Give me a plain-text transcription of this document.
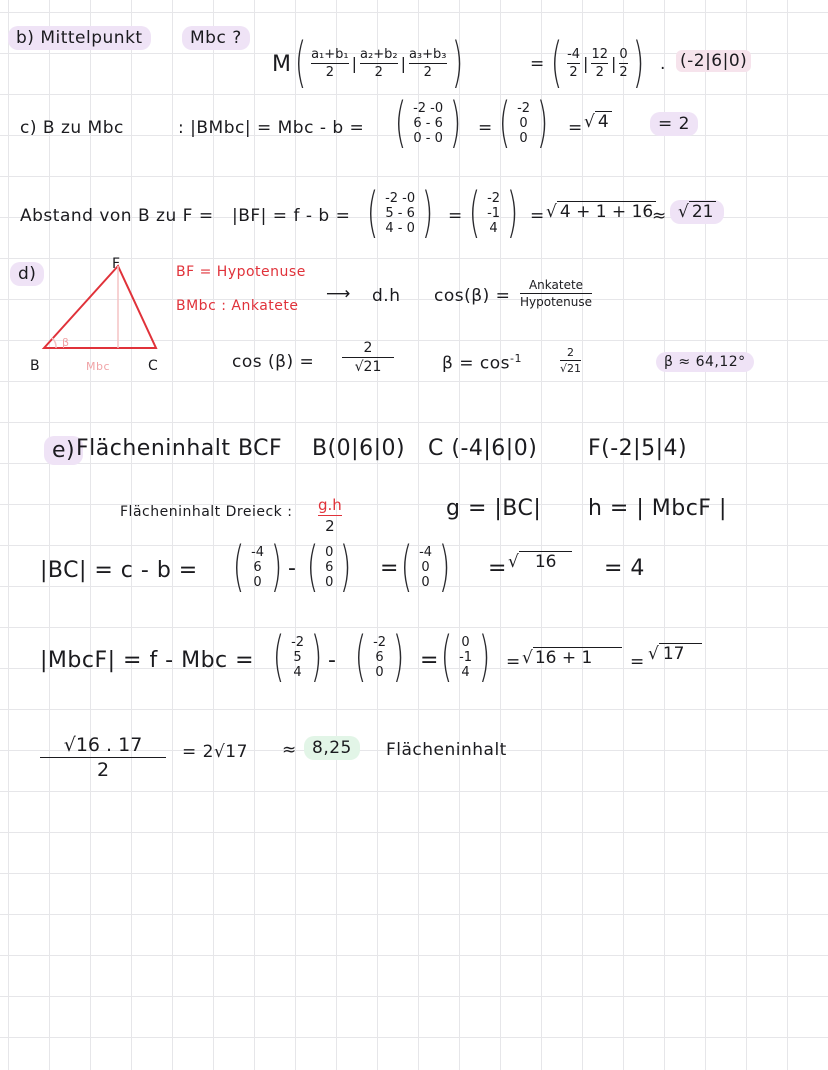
b) Mittelpunkt	Mbc ?
M ( $\frac{\text{a₁+b₁}}{2}$ | $\frac{\text{a₂+b₂}}{2}$ | $\frac{\text{a₃+b₃}}{2}$ )	= ( $\frac{-4}{2}$ | $\frac{12}{2}$ | $\frac{0}{2}$ ) . (-2|6|0)
c) B zu Mbc	: |BMbc| = Mbc - b = ( -2 -0
6 - 6
0 - 0 ) = ( -2
0
0 ) = √ 4	= 2
Abstand von B zu F = |BF| = f - b = ( -2 -0
5 - 6
4 - 0 ) = ( -2
-1
4 ) = √ 4 + 1 + 16
≈ √ 21
d)	F
B	C
Mbc
β
BF = Hypotenuse
BMbc : Ankatete
⟶ d.h cos(β) =
Ankatete
Hypotenuse
cos (β) =
2
√21	$\beta = \cos^{-1}$	2
√21	β ≈ 64,12°
e) Flächeninhalt BCF B(0|6|0) C (-4|6|0) F(-2|5|4)
Flächeninhalt Dreieck : g.h
2
g = |BC| h = | MbcF |
|BC| = c - b = ( -4
6
0 ) - ( 0
6
0 ) = ( -4
0
0 ) = √ 16	= 4
|MbcF| = f - Mbc = ( -2
5
4 ) - ( -2
6
0 ) = ( 0
-1
4 ) = √ 16 + 1	= √ 17
√16 . 17
2
= 2√17 ≈ 8,25	Flächeninhalt
